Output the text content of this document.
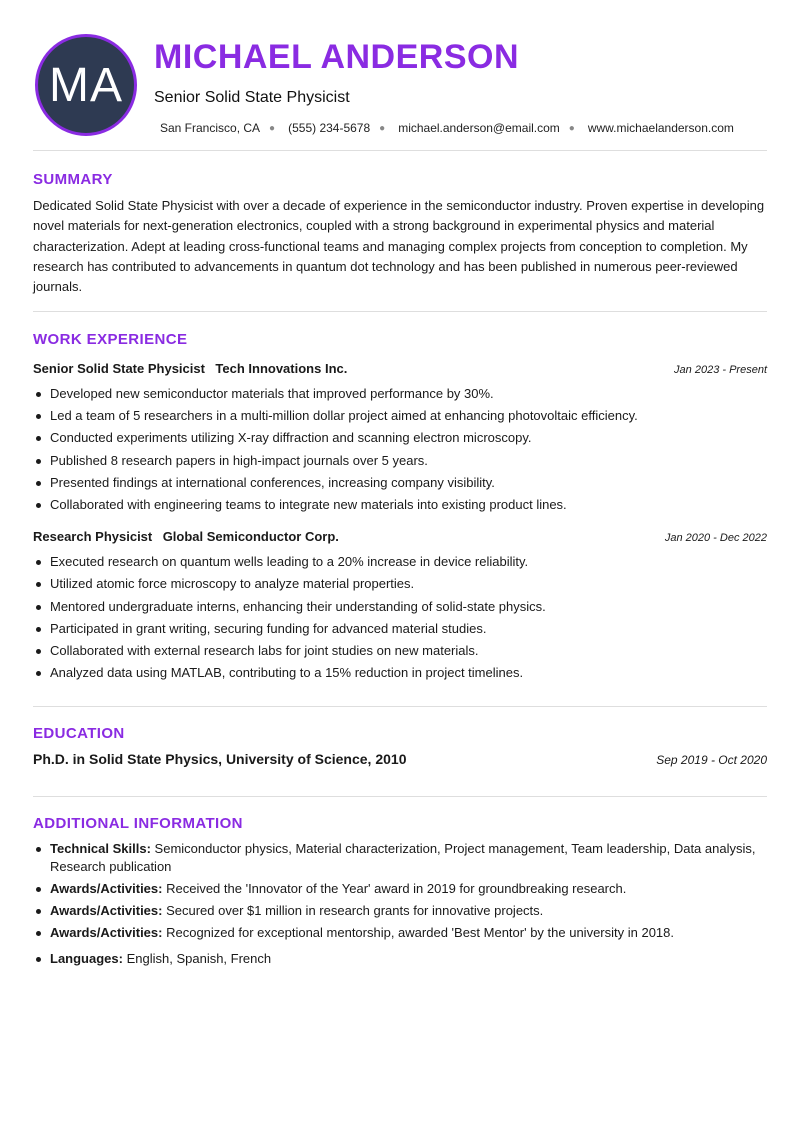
MA
MICHAEL ANDERSON
Senior Solid State Physicist
San Francisco, CA ● (555) 234-5678 ● michael.anderson@email.com ● www.michaelanderson.com
SUMMARY

Dedicated Solid State Physicist with over a decade of experience in the semiconductor industry. Proven expertise in developing novel materials for next-generation electronics, coupled with a strong background in experimental physics and material characterization. Adept at leading cross-functional teams and managing complex projects from conception to completion. My research has contributed to advancements in quantum dot technology and has been published in numerous peer-reviewed journals.

WORK EXPERIENCE
Senior Solid State Physicist Tech Innovations Inc.	Jan 2023 - Present
Developed new semiconductor materials that improved performance by 30%.
Led a team of 5 researchers in a multi-million dollar project aimed at enhancing photovoltaic efficiency.
Conducted experiments utilizing X-ray diffraction and scanning electron microscopy.
Published 8 research papers in high-impact journals over 5 years.
Presented findings at international conferences, increasing company visibility.
Collaborated with engineering teams to integrate new materials into existing product lines.
Research Physicist Global Semiconductor Corp.	Jan 2020 - Dec 2022
Executed research on quantum wells leading to a 20% increase in device reliability.
Utilized atomic force microscopy to analyze material properties.
Mentored undergraduate interns, enhancing their understanding of solid-state physics.
Participated in grant writing, securing funding for advanced material studies.
Collaborated with external research labs for joint studies on new materials.
Analyzed data using MATLAB, contributing to a 15% reduction in project timelines.
EDUCATION
Ph.D. in Solid State Physics, University of Science, 2010	Sep 2019 - Oct 2020
ADDITIONAL INFORMATION
Technical Skills: Semiconductor physics, Material characterization, Project management, Team leadership, Data analysis, Research publication
Awards/Activities: Received the 'Innovator of the Year' award in 2019 for groundbreaking research.
Awards/Activities: Secured over $1 million in research grants for innovative projects.
Awards/Activities: Recognized for exceptional mentorship, awarded 'Best Mentor' by the university in 2018.
Languages: English, Spanish, French
